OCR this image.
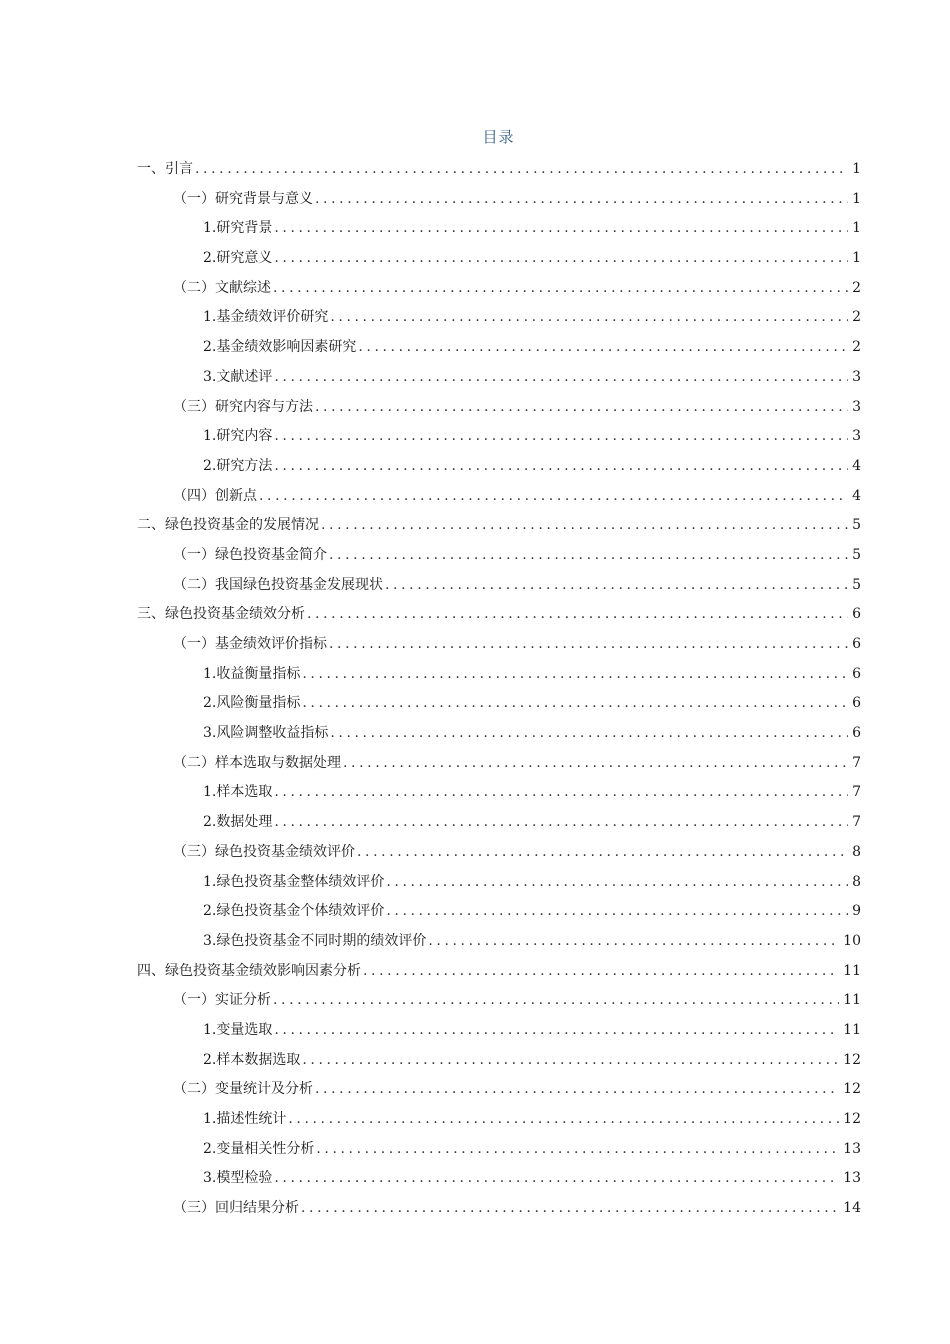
目录
一、引言 .....	1
（一）研究背景与意义 .....	1
1.研究背景 .....	1
2.研究意义 .....	1
（二）文献综述 .....	2
1.基金绩效评价研究 .....	2
2.基金绩效影响因素研究 .....	2
3.文献述评 .....	3
（三）研究内容与方法 .....	3
1.研究内容 .....	3
2.研究方法 .....	4
（四）创新点 .....	4
二、绿色投资基金的发展情况 .....	5
（一）绿色投资基金简介 .....	5
（二）我国绿色投资基金发展现状 .....	5
三、绿色投资基金绩效分析 .....	6
（一）基金绩效评价指标 .....	6
1.收益衡量指标 .....	6
2.风险衡量指标 .....	6
3.风险调整收益指标 .....	6
（二）样本选取与数据处理 .....	7
1.样本选取 .....	7
2.数据处理 .....	7
（三）绿色投资基金绩效评价 .....	8
1.绿色投资基金整体绩效评价 .....	8
2.绿色投资基金个体绩效评价 .....	9
3.绿色投资基金不同时期的绩效评价 .....	10
四、绿色投资基金绩效影响因素分析 .....	11
（一）实证分析 .....	11
1.变量选取 .....	11
2.样本数据选取 .....	12
（二）变量统计及分析 .....	12
1.描述性统计 .....	12
2.变量相关性分析 .....	13
3.模型检验 .....	13
（三）回归结果分析 .....	14
